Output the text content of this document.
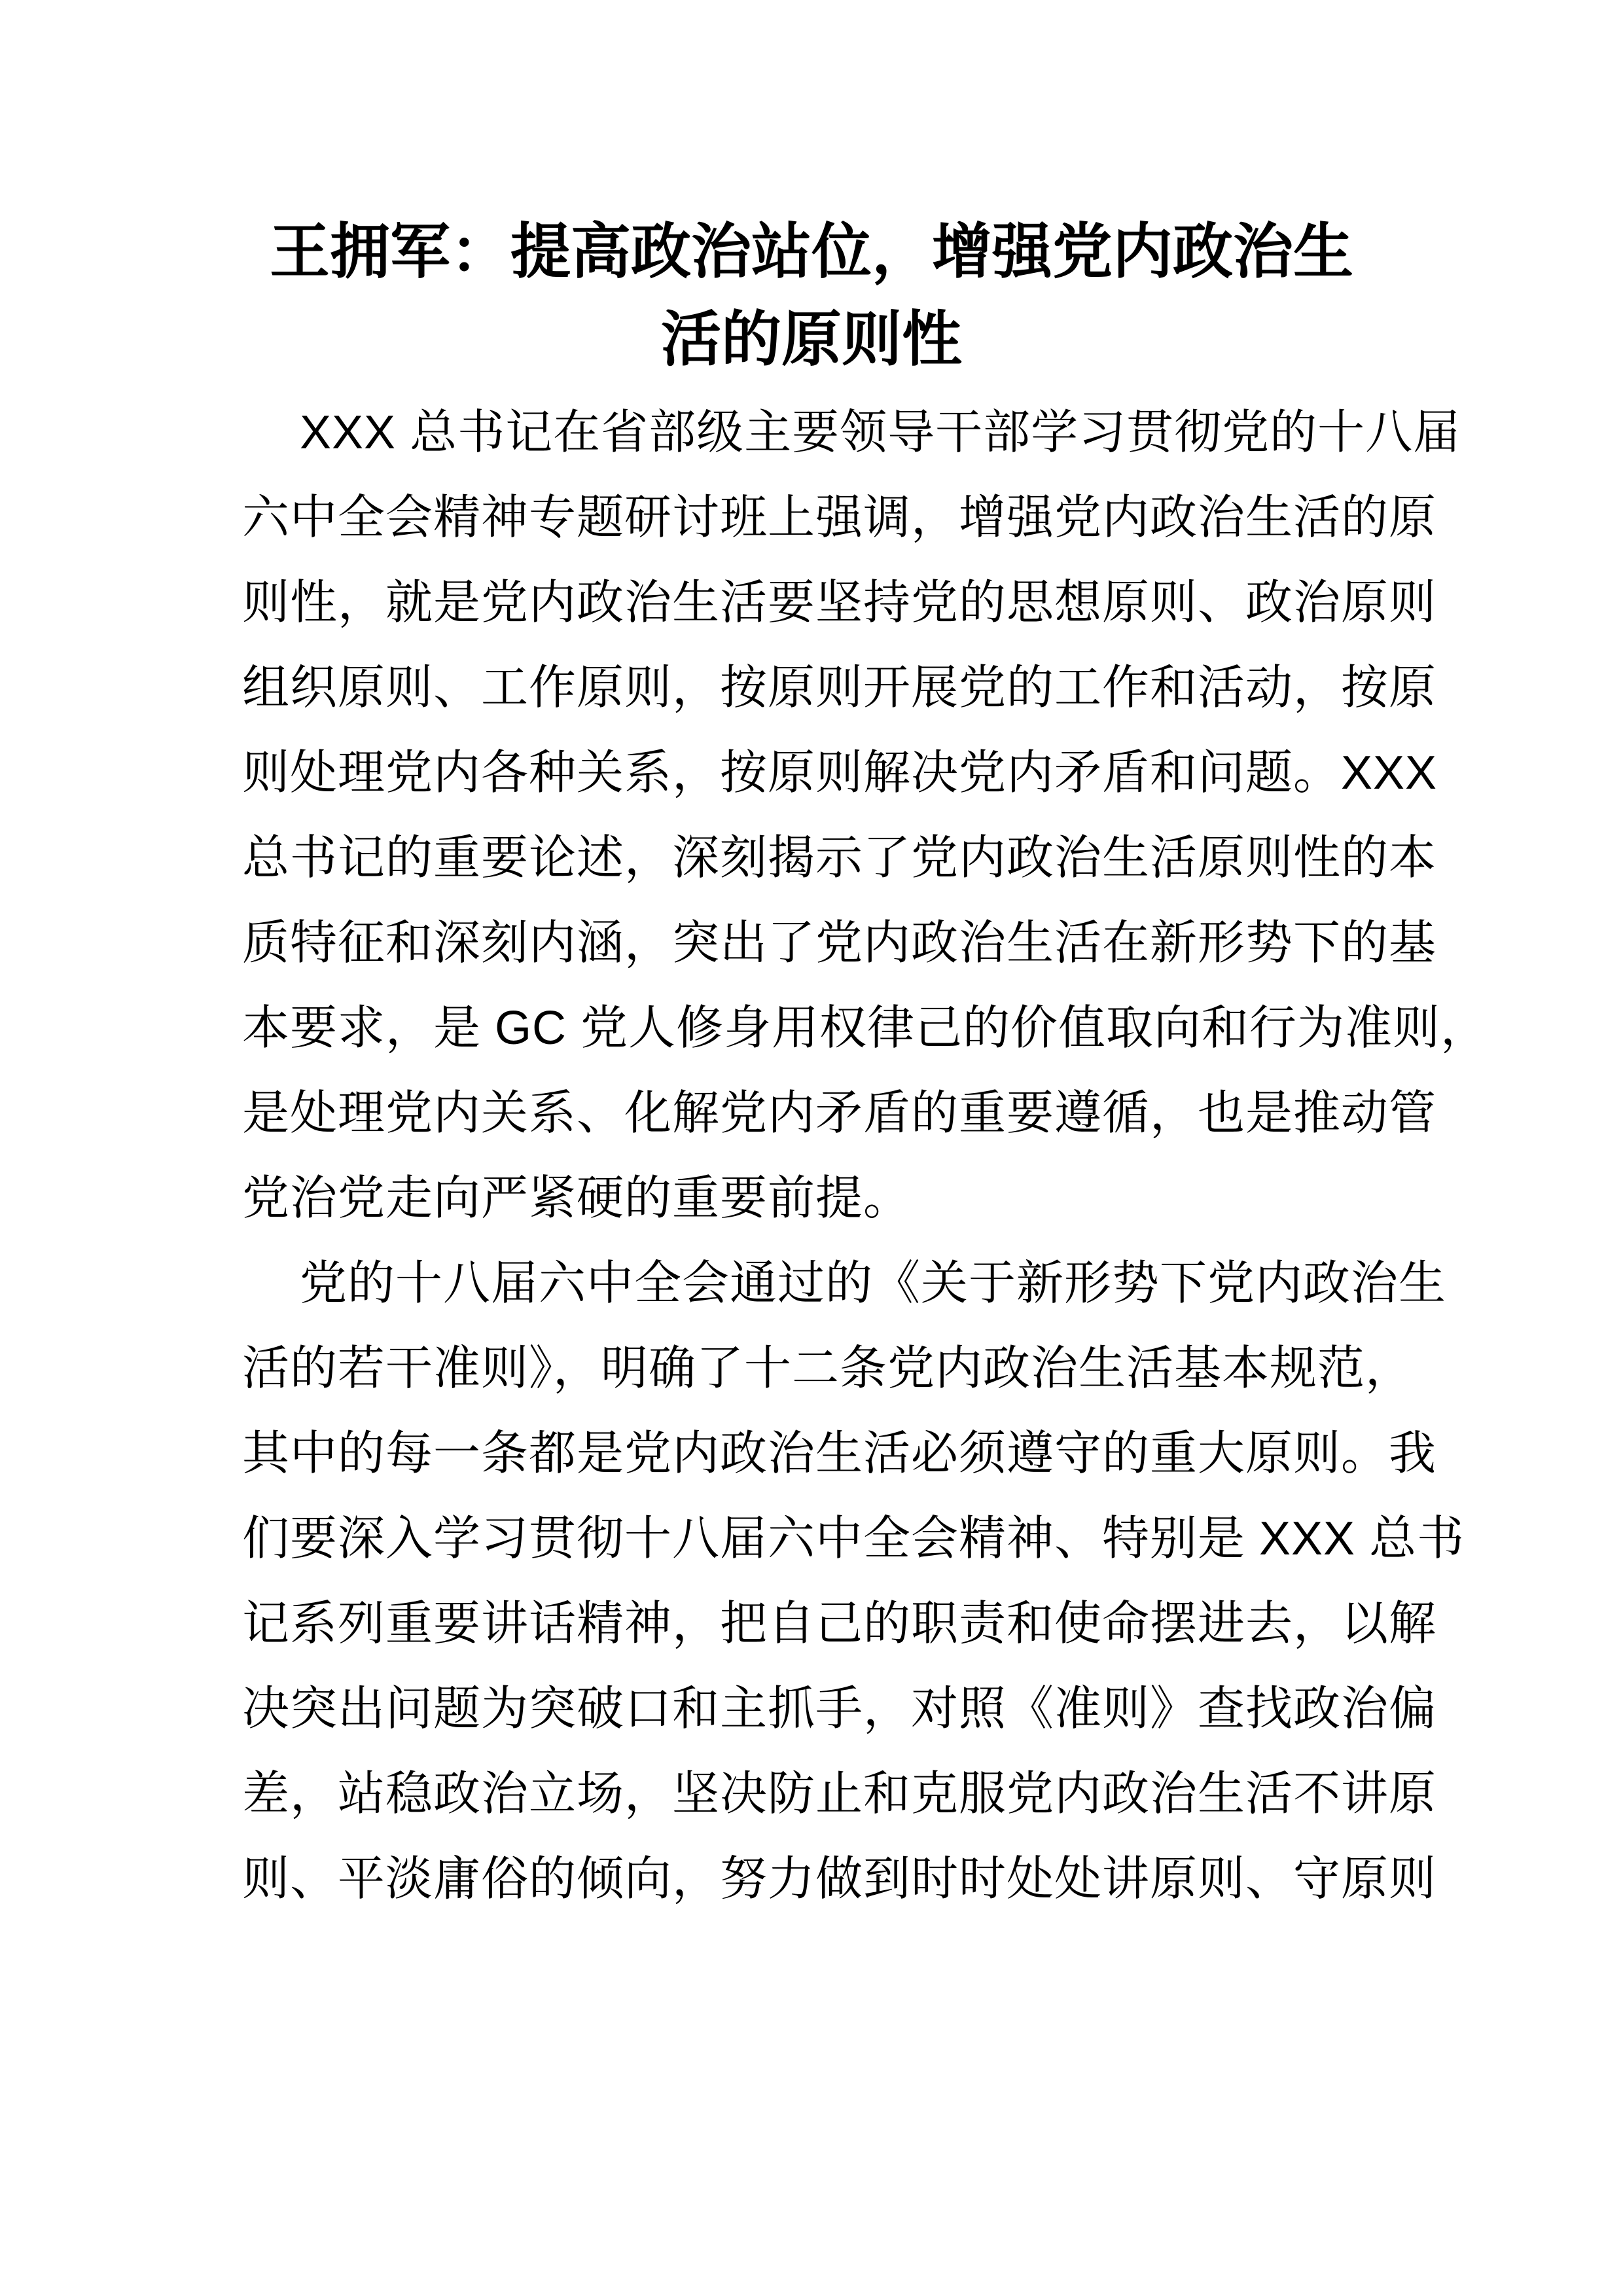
王拥军：提高政治站位，增强党内政治生
活的原则性
XXX 总书记在省部级主要领导干部学习贯彻党的十八届
六中全会精神专题研讨班上强调，增强党内政治生活的原
则性，就是党内政治生活要坚持党的思想原则、政治原则
组织原则、工作原则，按原则开展党的工作和活动，按原
则处理党内各种关系，按原则解决党内矛盾和问题。XXX
总书记的重要论述，深刻揭示了党内政治生活原则性的本
质特征和深刻内涵，突出了党内政治生活在新形势下的基
本要求，是 GC 党人修身用权律己的价值取向和行为准则，
是处理党内关系、化解党内矛盾的重要遵循，也是推动管
党治党走向严紧硬的重要前提。
党的十八届六中全会通过的《关于新形势下党内政治生
活的若干准则》，明确了十二条党内政治生活基本规范，
其中的每一条都是党内政治生活必须遵守的重大原则。我
们要深入学习贯彻十八届六中全会精神、特别是 XXX 总书
记系列重要讲话精神，把自己的职责和使命摆进去，以解
决突出问题为突破口和主抓手，对照《准则》查找政治偏
差，站稳政治立场，坚决防止和克服党内政治生活不讲原
则、平淡庸俗的倾向，努力做到时时处处讲原则、守原则
